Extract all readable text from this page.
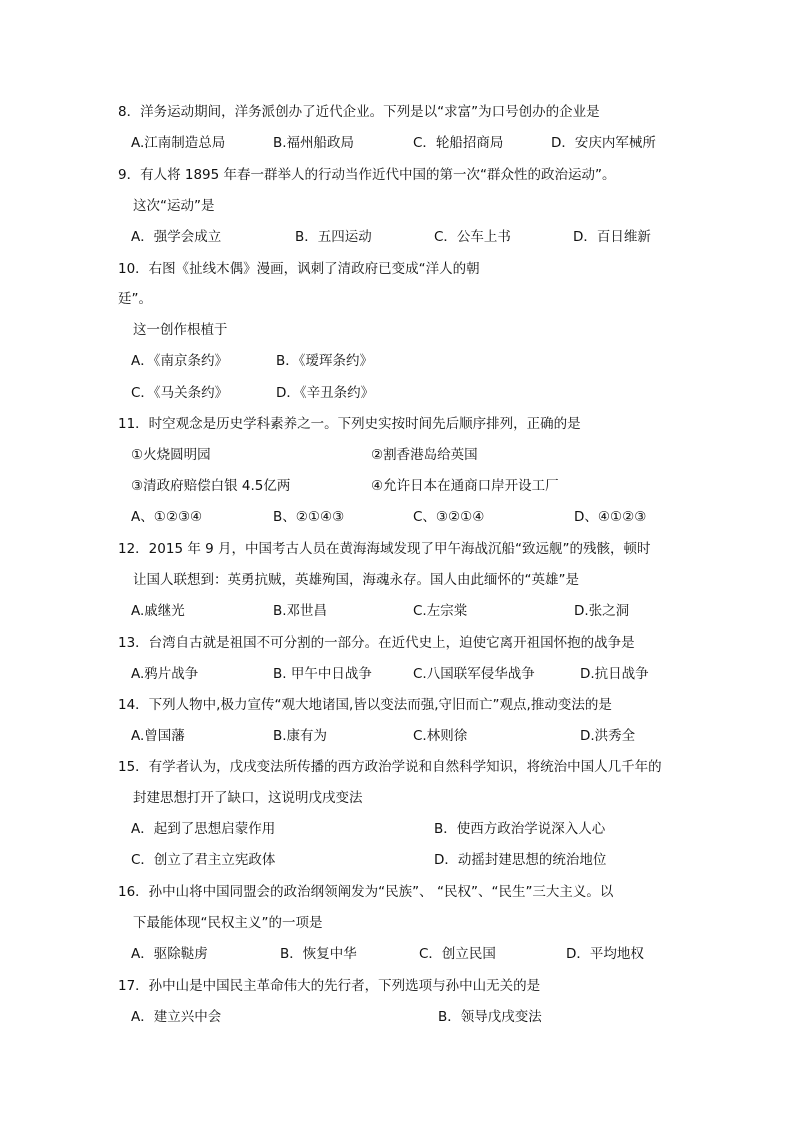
8．洋务运动期间，洋务派创办了近代企业。下列是以“求富”为口号创办的企业是
A.江南制造总局	B.福州船政局	C．轮船招商局	D．安庆内军械所
9．有人将 1895 年春一群举人的行动当作近代中国的第一次“群众性的政治运动”。
这次“运动”是
A．强学会成立	B．五四运动	C．公车上书	D．百日维新
10．右图《扯线木偶》漫画，讽刺了清政府已变成“洋人的朝
廷”。
这一创作根植于
A．《南京条约》	B．《瑷珲条约》
C．《马关条约》	D．《辛丑条约》
11．时空观念是历史学科素养之一。下列史实按时间先后顺序排列，正确的是
①火烧圆明园	②割香港岛给英国
③清政府赔偿白银 4.5亿两	④允许日本在通商口岸开设工厂
A、①②③④	B、②①④③	C、③②①④	D、④①②③
12．2015 年 9 月，中国考古人员在黄海海域发现了甲午海战沉船“致远舰”的残骸，顿时
让国人联想到：英勇抗贼，英雄殉国，海魂永存。国人由此缅怀的“英雄”是
A.戚继光	B.邓世昌	C.左宗棠	D.张之洞
13．台湾自古就是祖国不可分割的一部分。在近代史上，迫使它离开祖国怀抱的战争是
A.鸦片战争	B. 甲午中日战争	C.八国联军侵华战争	D.抗日战争
14．下列人物中,极力宣传“观大地诸国,皆以变法而强,守旧而亡”观点,推动变法的是
A.曾国藩	B.康有为	C.林则徐	D.洪秀全
15．有学者认为，戊戌变法所传播的西方政治学说和自然科学知识，将统治中国人几千年的
封建思想打开了缺口，这说明戊戌变法
A．起到了思想启蒙作用	B．使西方政治学说深入人心
C．创立了君主立宪政体	D．动摇封建思想的统治地位
16．孙中山将中国同盟会的政治纲领阐发为“民族”、 “民权”、“民生”三大主义。以
下最能体现“民权主义”的一项是
A．驱除鞑虏	B．恢复中华	C．创立民国	D．平均地权
17．孙中山是中国民主革命伟大的先行者，下列选项与孙中山无关的是
A．建立兴中会	B．领导戊戌变法
